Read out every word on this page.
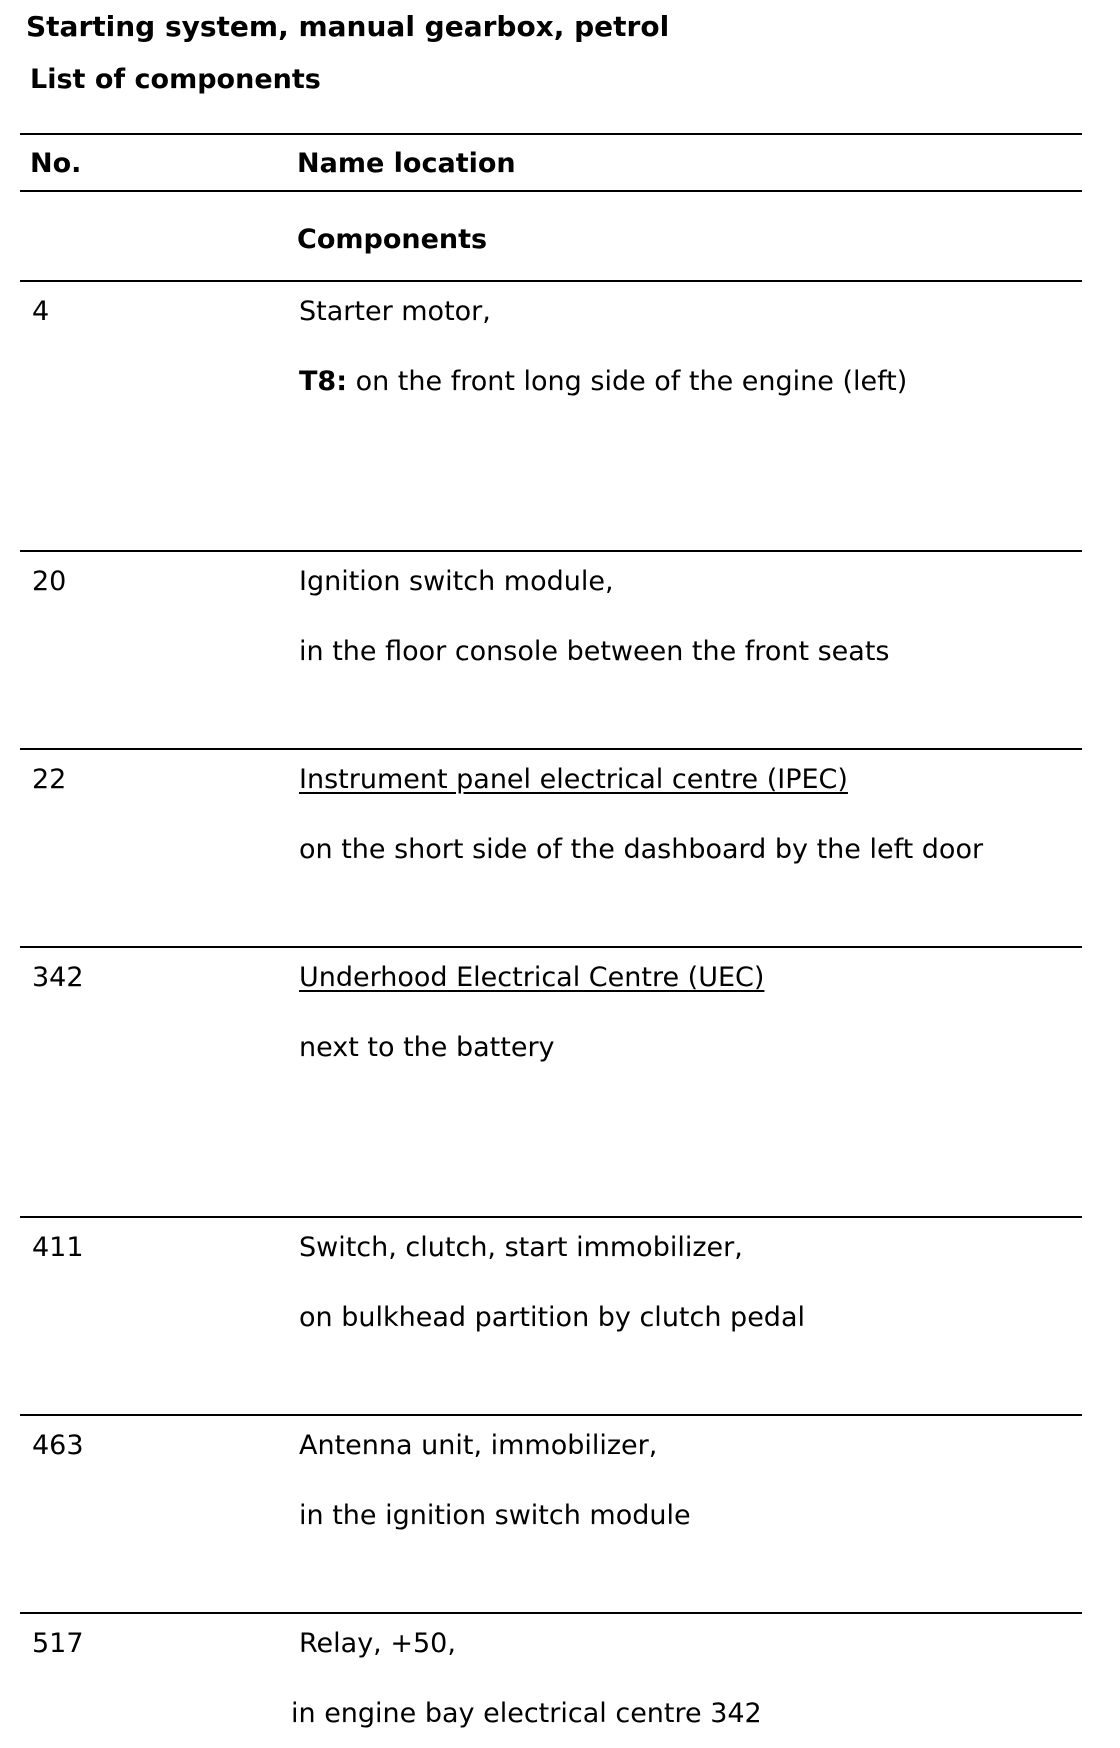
Starting system, manual gearbox, petrol
List of components
No.	Name location
Components
4	Starter motor,
T8: on the front long side of the engine (left)
20	Ignition switch module,
in the floor console between the front seats
22	Instrument panel electrical centre (IPEC)
on the short side of the dashboard by the left door
342	Underhood Electrical Centre (UEC)
next to the battery
411	Switch, clutch, start immobilizer,
on bulkhead partition by clutch pedal
463	Antenna unit, immobilizer,
in the ignition switch module
517	Relay, +50,
in engine bay electrical centre 342
